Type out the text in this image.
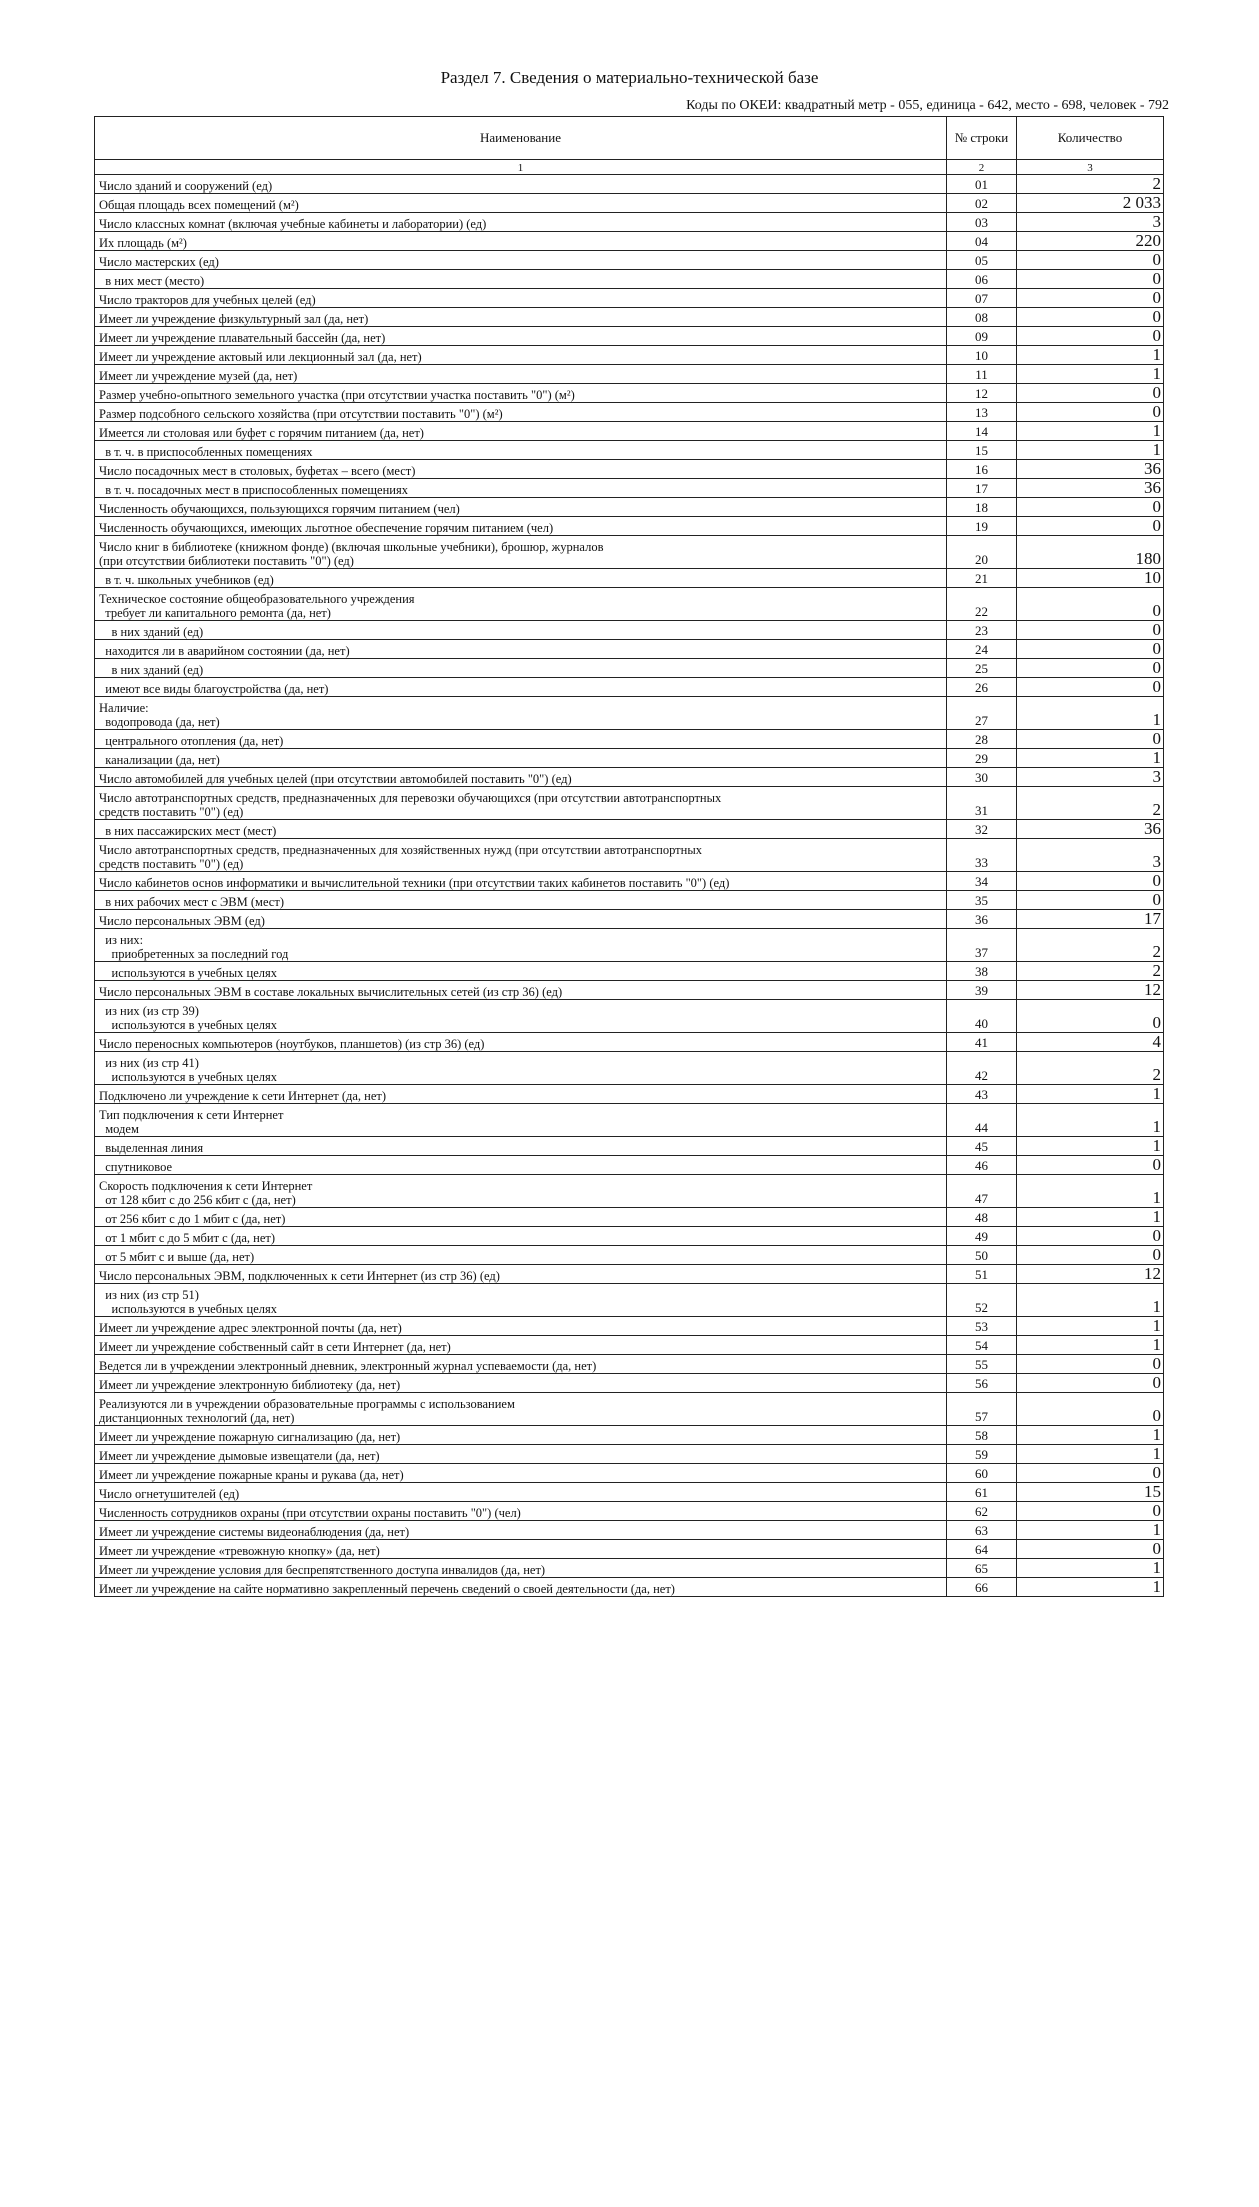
Раздел 7. Сведения о материально-технической базе
Коды по ОКЕИ: квадратный метр - 055, единица - 642, место - 698, человек - 792
Наименование	№ строки	Количество
1	2	3

Число зданий и сооружений (ед)	01	2

Общая площадь всех помещений (м²)	02	2 033

Число классных комнат (включая учебные кабинеты и лаборатории) (ед)	03	3

Их площадь (м²)	04	220

Число мастерских (ед)	05	0

в них мест (место)	06	0

Число тракторов для учебных целей (ед)	07	0

Имеет ли учреждение физкультурный зал (да, нет)	08	0

Имеет ли учреждение плавательный бассейн (да, нет)	09	0

Имеет ли учреждение актовый или лекционный зал (да, нет)	10	1

Имеет ли учреждение музей (да, нет)	11	1

Размер учебно-опытного земельного участка (при отсутствии участка поставить "0") (м²)	12	0

Размер подсобного сельского хозяйства (при отсутствии поставить "0") (м²)	13	0

Имеется ли столовая или буфет с горячим питанием (да, нет)	14	1

в т. ч. в приспособленных помещениях	15	1

Число посадочных мест в столовых, буфетах – всего (мест)	16	36

в т. ч. посадочных мест в приспособленных помещениях	17	36

Численность обучающихся, пользующихся горячим питанием (чел)	18	0

Численность обучающихся, имеющих льготное обеспечение горячим питанием (чел)	19	0

Число книг в библиотеке (книжном фонде) (включая школьные учебники), брошюр, журналов
(при отсутствии библиотеки поставить "0") (ед)	20	180

в т. ч. школьных учебников (ед)	21	10

Техническое состояние общеобразовательного учреждения
требует ли капитального ремонта (да, нет)	22	0

в них зданий (ед)	23	0

находится ли в аварийном состоянии (да, нет)	24	0

в них зданий (ед)	25	0

имеют все виды благоустройства (да, нет)	26	0

Наличие:
водопровода (да, нет)	27	1

центрального отопления (да, нет)	28	0

канализации (да, нет)	29	1

Число автомобилей для учебных целей (при отсутствии автомобилей поставить "0") (ед)	30	3

Число автотранспортных средств, предназначенных для перевозки обучающихся (при отсутствии автотранспортных
средств поставить "0") (ед)	31	2

в них пассажирских мест (мест)	32	36

Число автотранспортных средств, предназначенных для хозяйственных нужд (при отсутствии автотранспортных
средств поставить "0") (ед)	33	3

Число кабинетов основ информатики и вычислительной техники (при отсутствии таких кабинетов поставить "0") (ед)	34	0

в них рабочих мест с ЭВМ (мест)	35	0

Число персональных ЭВМ (ед)	36	17

из них:
приобретенных за последний год	37	2

используются в учебных целях	38	2

Число персональных ЭВМ в составе локальных вычислительных сетей (из стр 36) (ед)	39	12

из них (из стр 39)
используются в учебных целях	40	0

Число переносных компьютеров (ноутбуков, планшетов) (из стр 36) (ед)	41	4

из них (из стр 41)
используются в учебных целях	42	2

Подключено ли учреждение к сети Интернет (да, нет)	43	1

Тип подключения к сети Интернет
модем	44	1

выделенная линия	45	1

спутниковое	46	0

Скорость подключения к сети Интернет
от 128 кбит с до 256 кбит с (да, нет)	47	1

от 256 кбит с до 1 мбит с (да, нет)	48	1

от 1 мбит с до 5 мбит с (да, нет)	49	0

от 5 мбит с и выше (да, нет)	50	0

Число персональных ЭВМ, подключенных к сети Интернет (из стр 36) (ед)	51	12

из них (из стр 51)
используются в учебных целях	52	1

Имеет ли учреждение адрес электронной почты (да, нет)	53	1

Имеет ли учреждение собственный сайт в сети Интернет (да, нет)	54	1

Ведется ли в учреждении электронный дневник, электронный журнал успеваемости (да, нет)	55	0

Имеет ли учреждение электронную библиотеку (да, нет)	56	0

Реализуются ли в учреждении образовательные программы с использованием
дистанционных технологий (да, нет)	57	0

Имеет ли учреждение пожарную сигнализацию (да, нет)	58	1

Имеет ли учреждение дымовые извещатели (да, нет)	59	1

Имеет ли учреждение пожарные краны и рукава (да, нет)	60	0

Число огнетушителей (ед)	61	15

Численность сотрудников охраны (при отсутствии охраны поставить "0") (чел)	62	0

Имеет ли учреждение системы видеонаблюдения (да, нет)	63	1

Имеет ли учреждение «тревожную кнопку» (да, нет)	64	0

Имеет ли учреждение условия для беспрепятственного доступа инвалидов (да, нет)	65	1

Имеет ли учреждение на сайте нормативно закрепленный перечень сведений о своей деятельности (да, нет)	66	1
